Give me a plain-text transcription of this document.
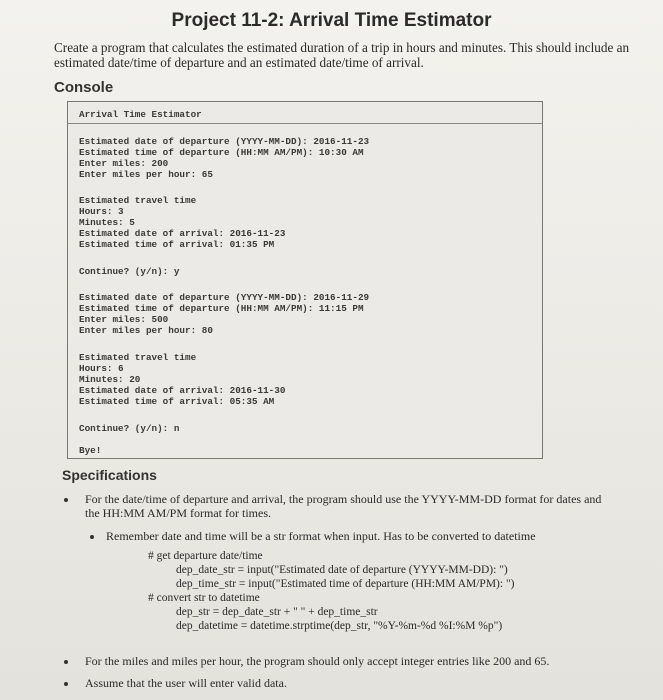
Project 11-2: Arrival Time Estimator
Create a program that calculates the estimated duration of a trip in hours and minutes. This should include an estimated date/time of departure and an estimated date/time of arrival.
Console
Arrival Time Estimator
Estimated date of departure (YYYY-MM-DD): 2016-11-23
Estimated time of departure (HH:MM AM/PM): 10:30 AM
Enter miles: 200
Enter miles per hour: 65
Estimated travel time
Hours: 3
Minutes: 5
Estimated date of arrival: 2016-11-23
Estimated time of arrival: 01:35 PM
Continue? (y/n): y
Estimated date of departure (YYYY-MM-DD): 2016-11-29
Estimated time of departure (HH:MM AM/PM): 11:15 PM
Enter miles: 500
Enter miles per hour: 80
Estimated travel time
Hours: 6
Minutes: 20
Estimated date of arrival: 2016-11-30
Estimated time of arrival: 05:35 AM
Continue? (y/n): n
Bye!
Specifications
For the date/time of departure and arrival, the program should use the YYYY-MM-DD format for dates and the HH:MM AM/PM format for times.
Remember date and time will be a str format when input. Has to be converted to datetime
# get departure date/time
dep_date_str = input("Estimated date of departure (YYYY-MM-DD): ")
dep_time_str = input("Estimated time of departure (HH:MM AM/PM): ")
# convert str to datetime
dep_str = dep_date_str + " " + dep_time_str
dep_datetime = datetime.strptime(dep_str, "%Y-%m-%d %I:%M %p")
For the miles and miles per hour, the program should only accept integer entries like 200 and 65.
Assume that the user will enter valid data.
